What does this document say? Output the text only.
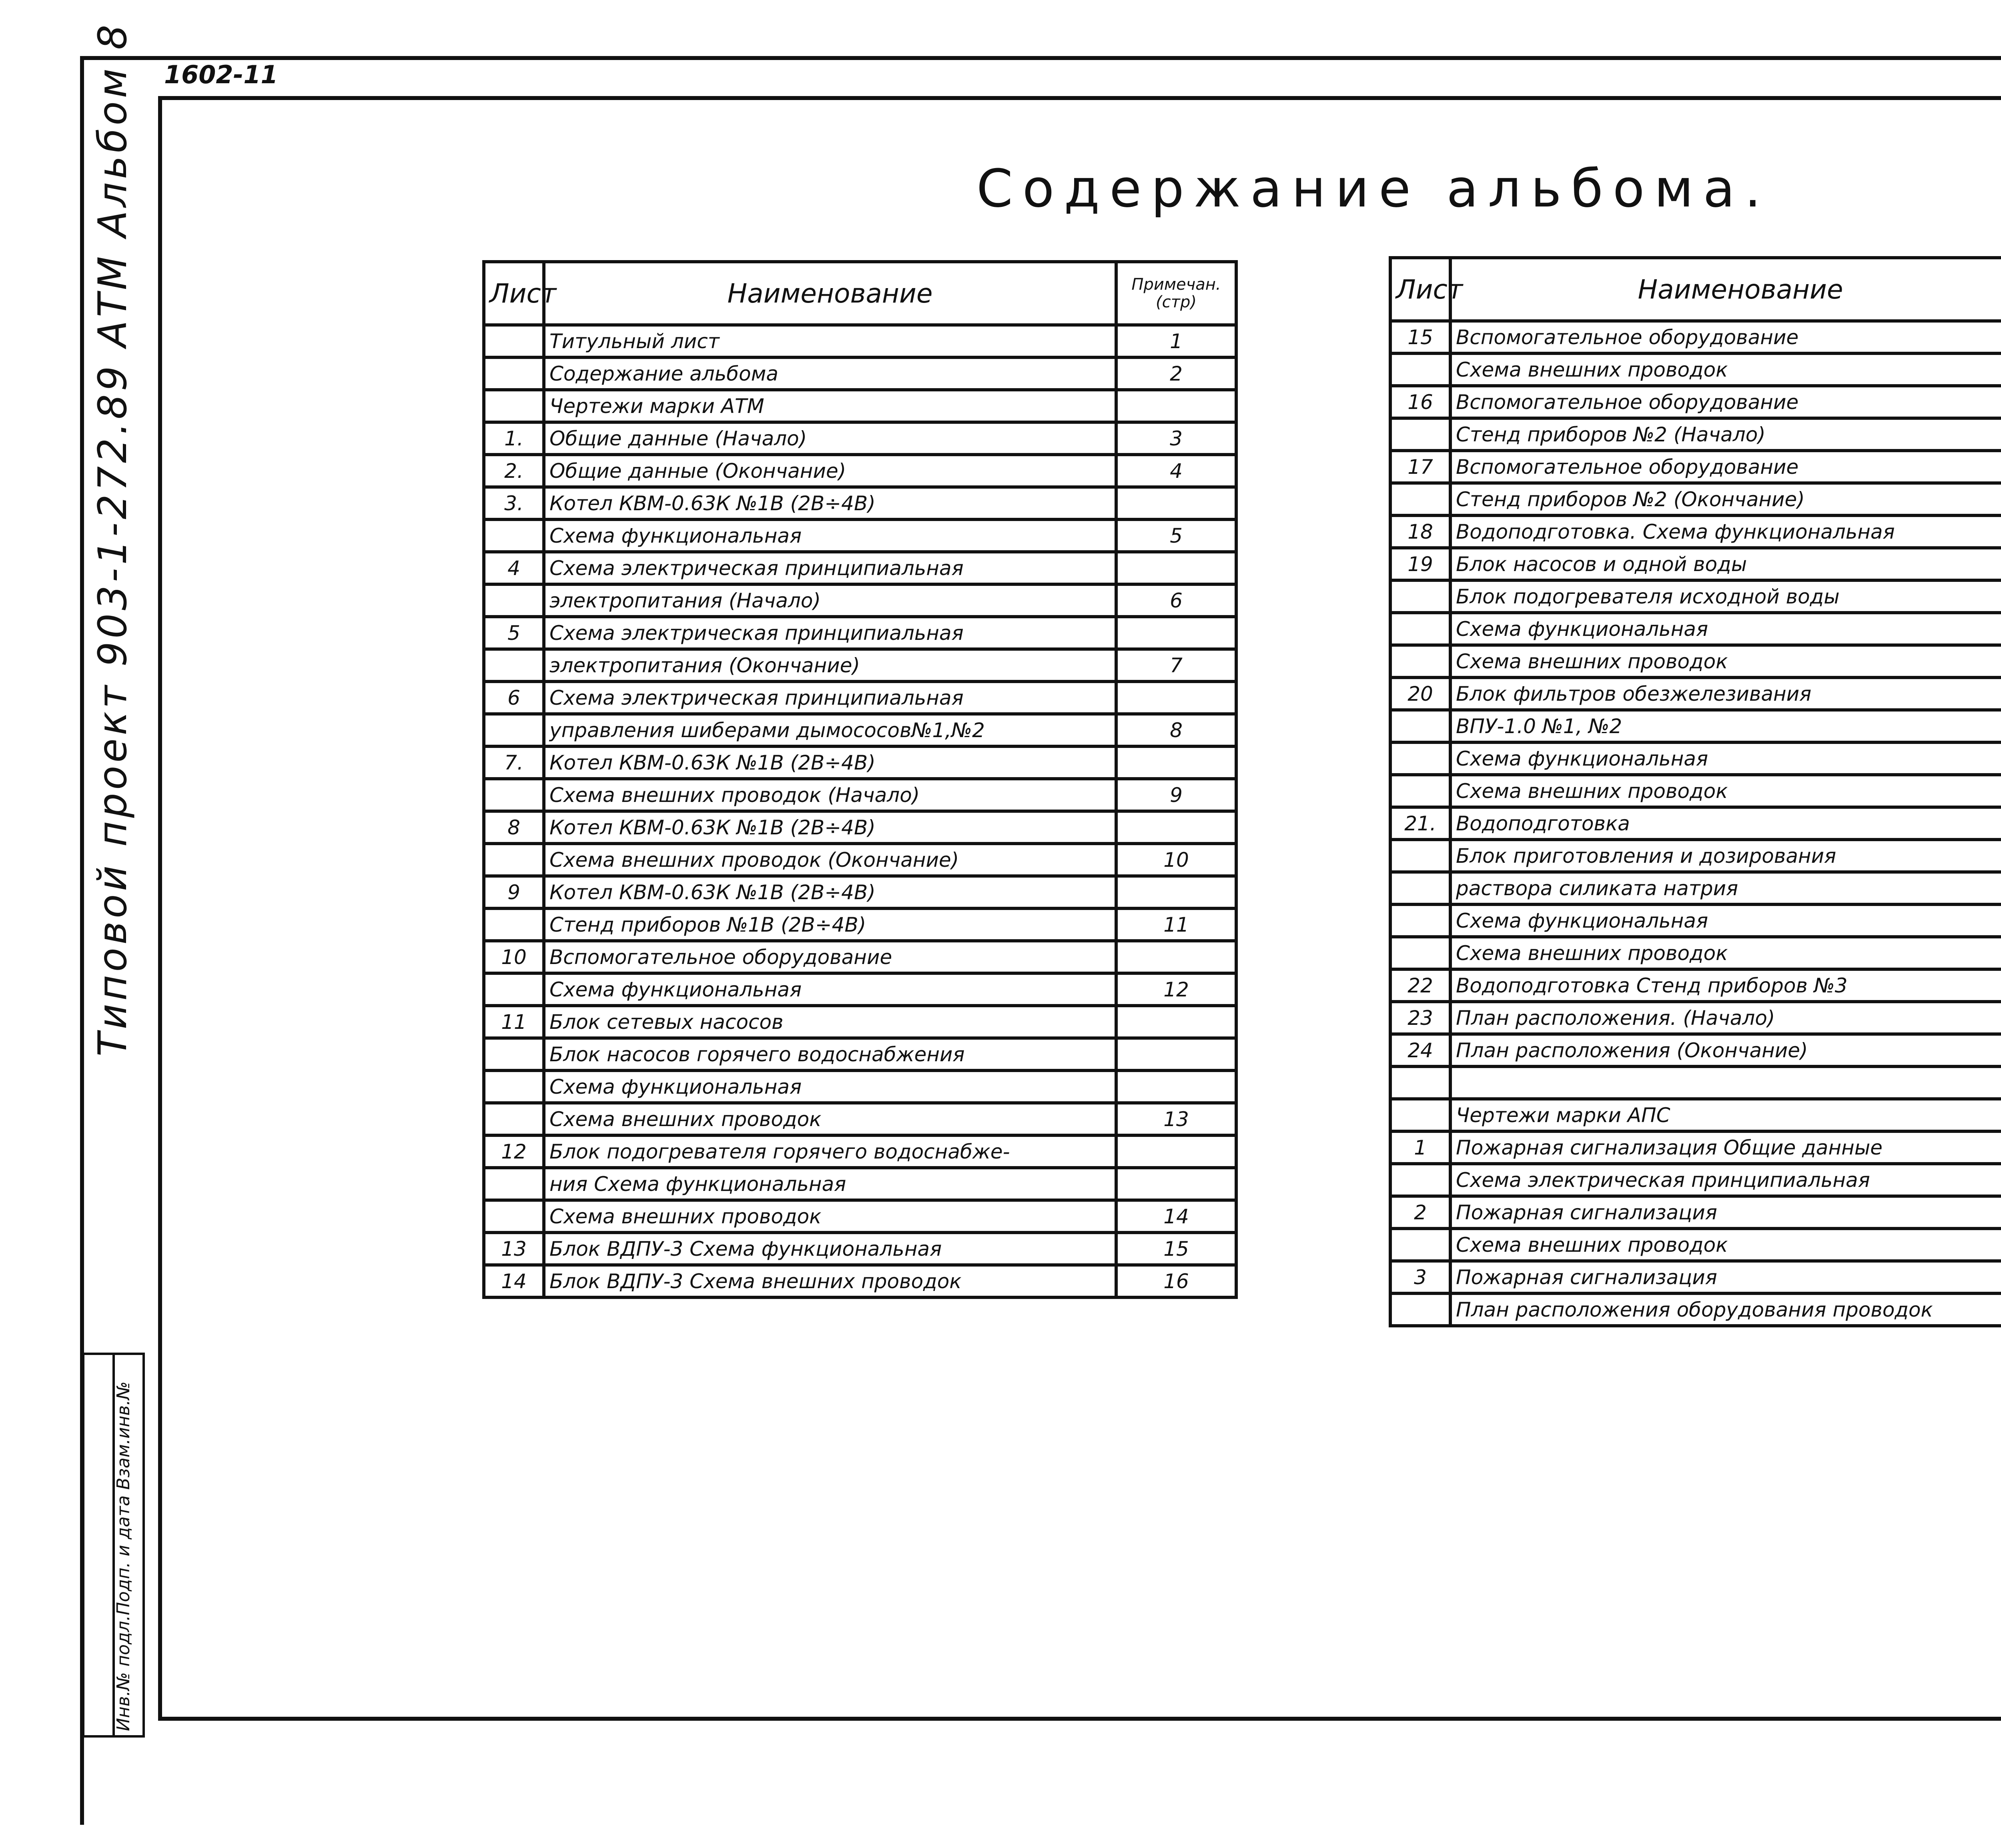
1602-11
Содержание альбома.
Типовой проект 903-1-272.89 АТМ Альбом 8
Инв.№ подл.Подп. и дата Взам.инв.№
Лист	Наименование	Примечан.
(стр)

	Титульный лист	1
	Содержание альбома	2
	Чертежи марки АТМ	
1.	Общие данные (Начало)	3
2.	Общие данные (Окончание)	4
3.	Котел КВМ-0.63К №1В (2В÷4В)	
	Схема функциональная	5
4	Схема электрическая принципиальная	
	электропитания (Начало)	6
5	Схема электрическая принципиальная	
	электропитания (Окончание)	7
6	Схема электрическая принципиальная	
	управления шиберами дымососов№1,№2	8
7.	Котел КВМ-0.63К №1В (2В÷4В)	
	Схема внешних проводок (Начало)	9
8	Котел КВМ-0.63К №1В (2В÷4В)	
	Схема внешних проводок (Окончание)	10
9	Котел КВМ-0.63К №1В (2В÷4В)	
	Стенд приборов №1В (2В÷4В)	11
10	Вспомогательное оборудование	
	Схема функциональная	12
11	Блок сетевых насосов	
	Блок насосов горячего водоснабжения	
	Схема функциональная	
	Схема внешних проводок	13
12	Блок подогревателя горячего водоснабже-	
	ния Схема функциональная	
	Схема внешних проводок	14
13	Блок ВДПУ-3 Схема функциональная	15
14	Блок ВДПУ-3 Схема внешних проводок	16
Лист	Наименование	

15	Вспомогательное оборудование	
	Схема внешних проводок	
16	Вспомогательное оборудование	
	Стенд приборов №2 (Начало)	
17	Вспомогательное оборудование	
	Стенд приборов №2 (Окончание)	
18	Водоподготовка. Схема функциональная	
19	Блок насосов и одной воды	
	Блок подогревателя исходной воды	
	Схема функциональная	
	Схема внешних проводок	
20	Блок фильтров обезжелезивания	
	ВПУ-1.0 №1, №2	
	Схема функциональная	
	Схема внешних проводок	
21.	Водоподготовка	
	Блок приготовления и дозирования	
	раствора силиката натрия	
	Схема функциональная	
	Схема внешних проводок	
22	Водоподготовка Стенд приборов №3	
23	План расположения. (Начало)	
24	План расположения (Окончание)	

	Чертежи марки АПС	
1	Пожарная сигнализация Общие данные	
	Схема электрическая принципиальная	
2	Пожарная сигнализация	
	Схема внешних проводок	
3	Пожарная сигнализация	
	План расположения оборудования проводок	
